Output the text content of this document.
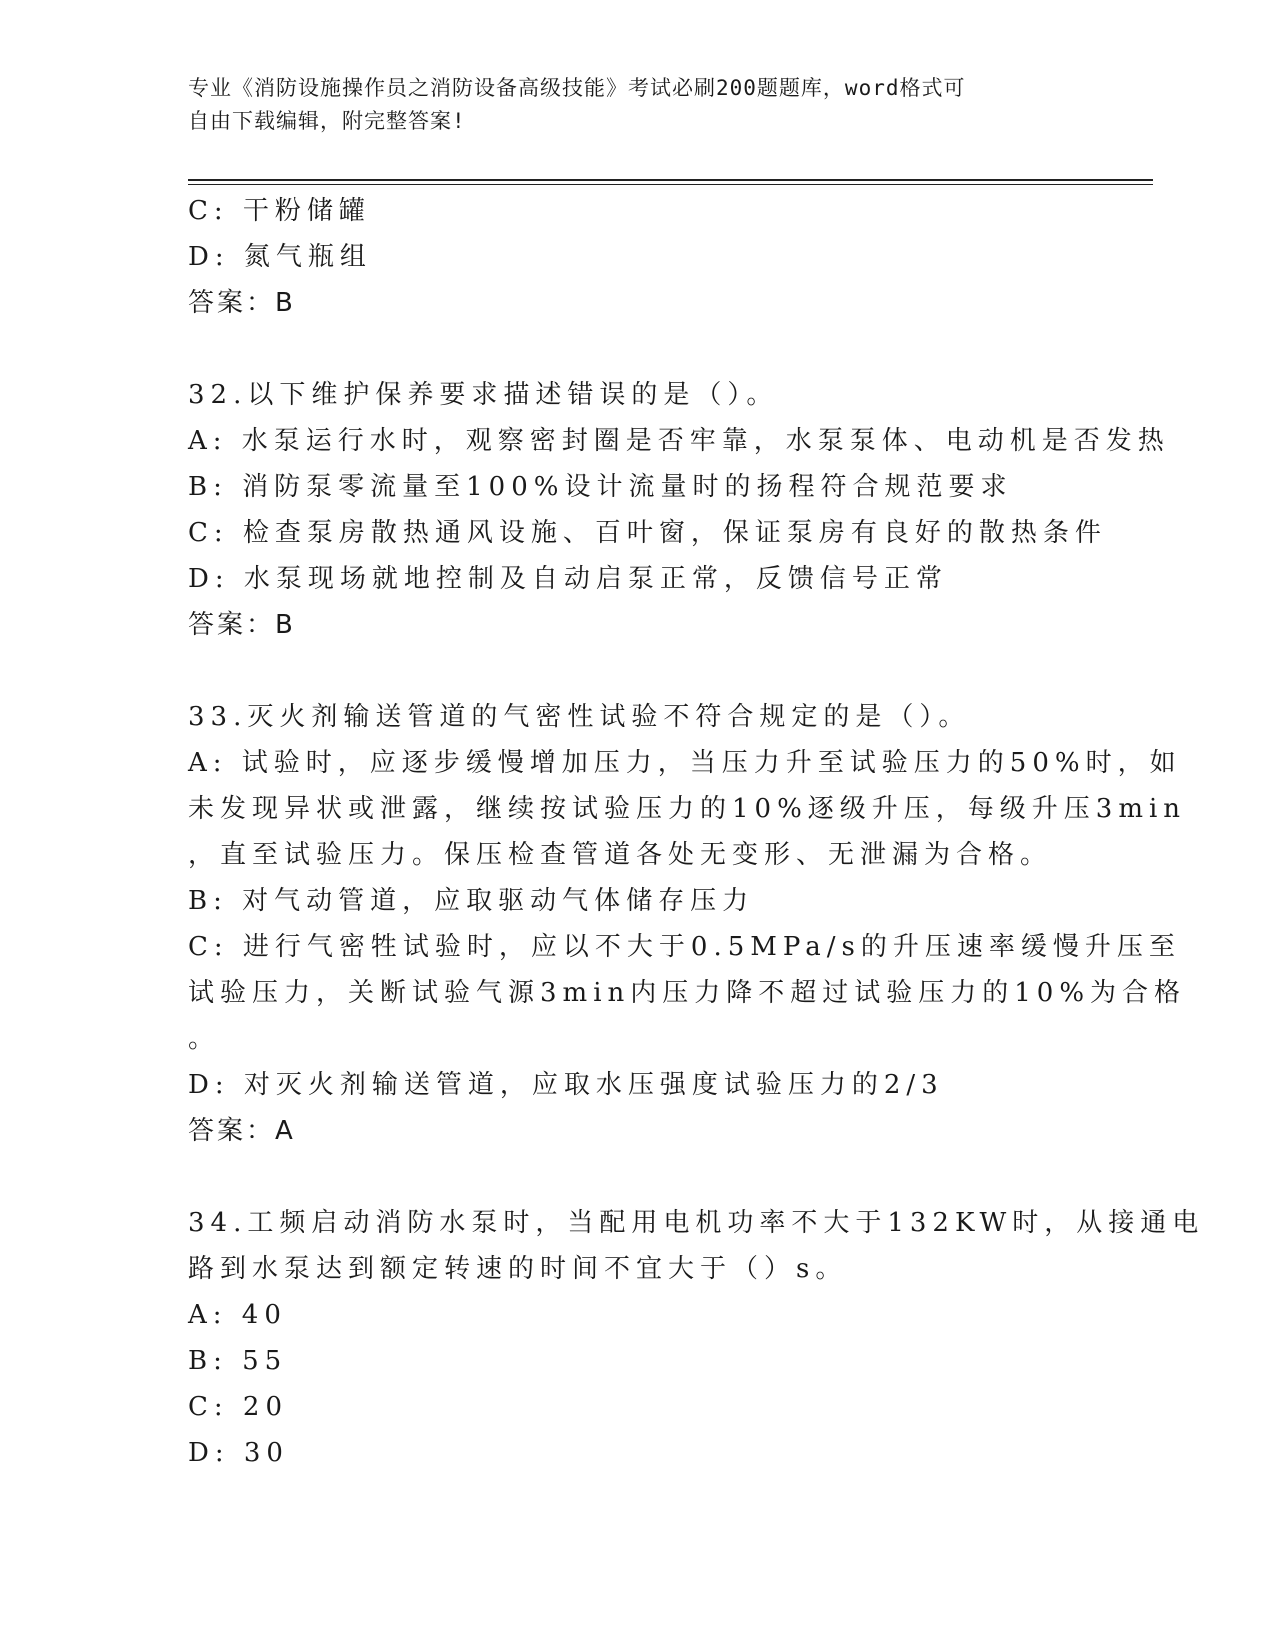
专业《消防设施操作员之消防设备高级技能》考试必刷200题题库，word格式可
自由下载编辑，附完整答案!
C: 干粉储罐
D: 氮气瓶组
答案：B
32.以下维护保养要求描述错误的是（）。
A: 水泵运行水时，观察密封圈是否牢靠，水泵泵体、电动机是否发热
B: 消防泵零流量至100%设计流量时的扬程符合规范要求
C: 检查泵房散热通风设施、百叶窗，保证泵房有良好的散热条件
D: 水泵现场就地控制及自动启泵正常，反馈信号正常
答案：B
33.灭火剂输送管道的气密性试验不符合规定的是（）。
A: 试验时，应逐步缓慢增加压力，当压力升至试验压力的50%时，如
未发现异状或泄露，继续按试验压力的10%逐级升压，每级升压3min
，直至试验压力。保压检查管道各处无变形、无泄漏为合格。
B: 对气动管道，应取驱动气体储存压力
C: 进行气密牲试验时，应以不大于0.5MPa/s的升压速率缓慢升压至
试验压力，关断试验气源3min内压力降不超过试验压力的10%为合格
。
D: 对灭火剂输送管道，应取水压强度试验压力的2/3
答案：A
34.工频启动消防水泵时，当配用电机功率不大于132KW时，从接通电
路到水泵达到额定转速的时间不宜大于（）s。
A: 40
B: 55
C: 20
D: 30
